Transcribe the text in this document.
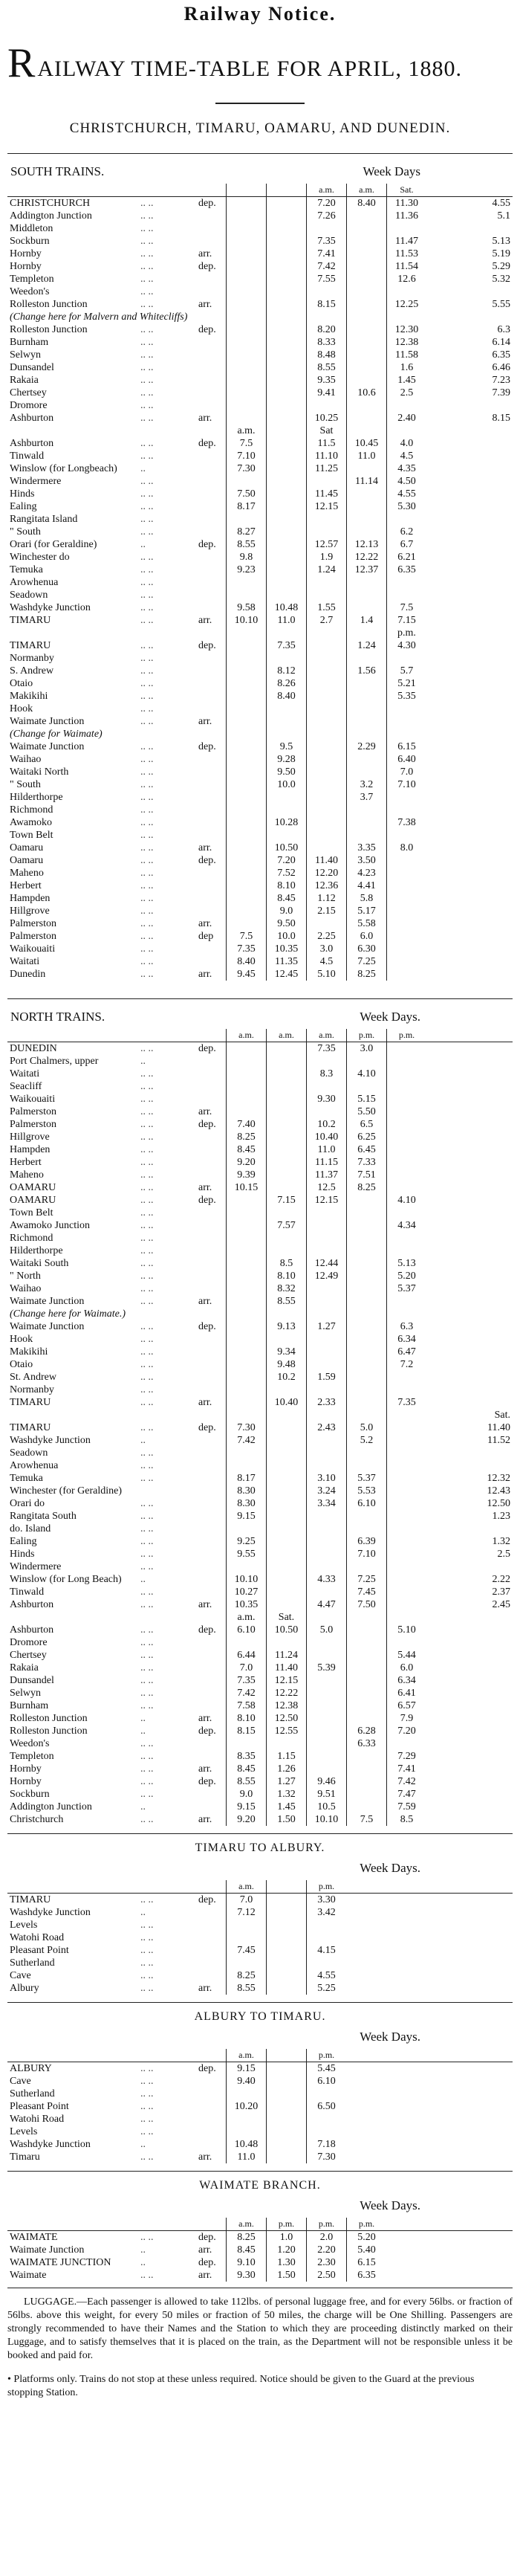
Railway Notice.
R AILWAY TIME-TABLE FOR APRIL, 1880.
CHRISTCHURCH, TIMARU, OAMARU, AND DUNEDIN.
SOUTH TRAINS.	Week Days
					a.m.	a.m.	Sat.	
CHRISTCHURCH	.. ..	dep.			7.20	8.40	11.30	4.55
Addington Junction	.. ..				7.26		11.36	5.1
Middleton	.. ..							
Sockburn	.. ..				7.35		11.47	5.13
Hornby	.. ..	arr.			7.41		11.53	5.19

Hornby	.. ..	dep.			7.42		11.54	5.29
Templeton	.. ..				7.55		12.6	5.32
Weedon's	.. ..							
Rolleston Junction	.. ..	arr.			8.15		12.25	5.55
(Change here for Malvern and Whitecliffs)								
Rolleston Junction	.. ..	dep.			8.20		12.30	6.3
Burnham	.. ..				8.33		12.38	6.14
Selwyn	.. ..				8.48		11.58	6.35
Dunsandel	.. ..				8.55		1.6	6.46
Rakaia	.. ..				9.35		1.45	7.23
Chertsey	.. ..				9.41	10.6	2.5	7.39
Dromore	.. ..							
Ashburton	.. ..	arr.			10.25		2.40	8.15
			a.m.		Sat			
Ashburton	.. ..	dep.	7.5		11.5	10.45	4.0	
Tinwald	.. ..		7.10		11.10	11.0	4.5	
Winslow (for Longbeach)	..		7.30		11.25		4.35	
Windermere	.. ..					11.14	4.50	
Hinds	.. ..		7.50		11.45		4.55	
Ealing	.. ..		8.17		12.15		5.30	
Rangitata Island	.. ..							
" South	.. ..		8.27				6.2	
Orari (for Geraldine)	..	dep.	8.55		12.57	12.13	6.7	
Winchester do	.. ..		9.8		1.9	12.22	6.21	
Temuka	.. ..		9.23		1.24	12.37	6.35	
Arowhenua	.. ..							
Seadown	.. ..							
Washdyke Junction	.. ..		9.58	10.48	1.55		7.5	
TIMARU	.. ..	arr.	10.10	11.0	2.7	1.4	7.15	
							p.m.	
TIMARU	.. ..	dep.		7.35		1.24	4.30	
Normanby	.. ..							
S. Andrew	.. ..			8.12		1.56	5.7	
Otaio	.. ..			8.26			5.21	
Makikihi	.. ..			8.40			5.35	
Hook	.. ..							
Waimate Junction	.. ..	arr.						
(Change for Waimate)								
Waimate Junction	.. ..	dep.		9.5		2.29	6.15	
Waihao	.. ..			9.28			6.40	
Waitaki North	.. ..			9.50			7.0	
" South	.. ..			10.0		3.2	7.10	
Hilderthorpe	.. ..					3.7		
Richmond	.. ..							
Awamoko	.. ..			10.28			7.38	
Town Belt	.. ..							
Oamaru	.. ..	arr.		10.50		3.35	8.0	

Oamaru	.. ..	dep.		7.20	11.40	3.50		
Maheno	.. ..			7.52	12.20	4.23		
Herbert	.. ..			8.10	12.36	4.41		
Hampden	.. ..			8.45	1.12	5.8		
Hillgrove	.. ..			9.0	2.15	5.17		
Palmerston	.. ..	arr.		9.50		5.58		
Palmerston	.. ..	dep	7.5	10.0	2.25	6.0		
Waikouaiti	.. ..		7.35	10.35	3.0	6.30		
Waitati	.. ..		8.40	11.35	4.5	7.25		
Dunedin	.. ..	arr.	9.45	12.45	5.10	8.25		
NORTH TRAINS.	Week Days.
			a.m.	a.m.	a.m.	p.m.	p.m.	
DUNEDIN	.. ..	dep.			7.35	3.0		
Port Chalmers, upper	..							
Waitati	.. ..				8.3	4.10		
Seacliff	.. ..							
Waikouaiti	.. ..				9.30	5.15		
Palmerston	.. ..	arr.				5.50		
Palmerston	.. ..	dep.	7.40		10.2	6.5		
Hillgrove	.. ..		8.25		10.40	6.25		
Hampden	.. ..		8.45		11.0	6.45		
Herbert	.. ..		9.20		11.15	7.33		
Maheno	.. ..		9.39		11.37	7.51		
OAMARU	.. ..	arr.	10.15		12.5	8.25		

OAMARU	.. ..	dep.		7.15	12.15		4.10	
Town Belt	.. ..							
Awamoko Junction	.. ..			7.57			4.34	
Richmond	.. ..							
Hilderthorpe	.. ..							
Waitaki South	.. ..			8.5	12.44		5.13	
" North	.. ..			8.10	12.49		5.20	
Waihao	.. ..			8.32			5.37	
Waimate Junction	.. ..	arr.		8.55				
(Change here for Waimate.)								
Waimate Junction	.. ..	dep.		9.13	1.27		6.3	
Hook	.. ..						6.34	
Makikihi	.. ..			9.34			6.47	
Otaio	.. ..			9.48			7.2	
St. Andrew	.. ..			10.2	1.59			
Normanby	.. ..							
TIMARU	.. ..	arr.		10.40	2.33		7.35	
								Sat.
TIMARU	.. ..	dep.	7.30		2.43	5.0		11.40
Washdyke Junction	..		7.42			5.2		11.52
Seadown	.. ..							
Arowhenua	.. ..							
Temuka	.. ..		8.17		3.10	5.37		12.32
Winchester (for Geraldine)			8.30		3.24	5.53		12.43
Orari do	.. ..		8.30		3.34	6.10		12.50
Rangitata South	.. ..		9.15					1.23
do. Island	.. ..							
Ealing	.. ..		9.25			6.39		1.32
Hinds	.. ..		9.55			7.10		2.5
Windermere	.. ..							
Winslow (for Long Beach)	..		10.10		4.33	7.25		2.22
Tinwald	.. ..		10.27			7.45		2.37
Ashburton	.. ..	arr.	10.35		4.47	7.50		2.45
			a.m.	Sat.				
Ashburton	.. ..	dep.	6.10	10.50	5.0		5.10	
Dromore	.. ..							
Chertsey	.. ..		6.44	11.24			5.44	
Rakaia	.. ..		7.0	11.40	5.39		6.0	
Dunsandel	.. ..		7.35	12.15			6.34	
Selwyn	.. ..		7.42	12.22			6.41	
Burnham	.. ..		7.58	12.38			6.57	
Rolleston Junction	..	arr.	8.10	12.50			7.9	
Rolleston Junction	..	dep.	8.15	12.55		6.28	7.20	
Weedon's	.. ..					6.33		
Templeton	.. ..		8.35	1.15			7.29	
Hornby	.. ..	arr.	8.45	1.26			7.41	
Hornby	.. ..	dep.	8.55	1.27	9.46		7.42	
Sockburn	.. ..		9.0	1.32	9.51		7.47	
Addington Junction	..		9.15	1.45	10.5		7.59	
Christchurch	.. ..	arr.	9.20	1.50	10.10	7.5	8.5	
TIMARU TO ALBURY.
Week Days.
			a.m.		p.m.	
TIMARU	.. ..	dep.	7.0		3.30	
Washdyke Junction	..		7.12		3.42	
Levels	.. ..					
Watohi Road	.. ..					
Pleasant Point	.. ..		7.45		4.15	
Sutherland	.. ..					
Cave	.. ..		8.25		4.55	
Albury	.. ..	arr.	8.55		5.25	
ALBURY TO TIMARU.
Week Days.
			a.m.		p.m.	
ALBURY	.. ..	dep.	9.15		5.45	
Cave	.. ..		9.40		6.10	
Sutherland	.. ..					
Pleasant Point	.. ..		10.20		6.50	
Watohi Road	.. ..					
Levels	.. ..					
Washdyke Junction	..		10.48		7.18	
Timaru	.. ..	arr.	11.0		7.30	
WAIMATE BRANCH.
Week Days.
			a.m.	p.m.	p.m.	p.m.	
WAIMATE	.. ..	dep.	8.25	1.0	2.0	5.20	
Waimate Junction	..	arr.	8.45	1.20	2.20	5.40	
WAIMATE JUNCTION	..	dep.	9.10	1.30	2.30	6.15	
Waimate	.. ..	arr.	9.30	1.50	2.50	6.35	

LUGGAGE.—Each passenger is allowed to take 112lbs. of personal luggage free, and for every 56lbs. or fraction of 56lbs. above this weight, for every 50 miles or fraction of 50 miles, the charge will be One Shilling. Passengers are strongly recommended to have their Names and the Station to which they are proceeding distinctly marked on their Luggage, and to satisfy themselves that it is placed on the train, as the Department will not be responsible unless it be booked and paid for.

• Platforms only. Trains do not stop at these unless required. Notice should be given to the Guard at the previous stopping Station.
